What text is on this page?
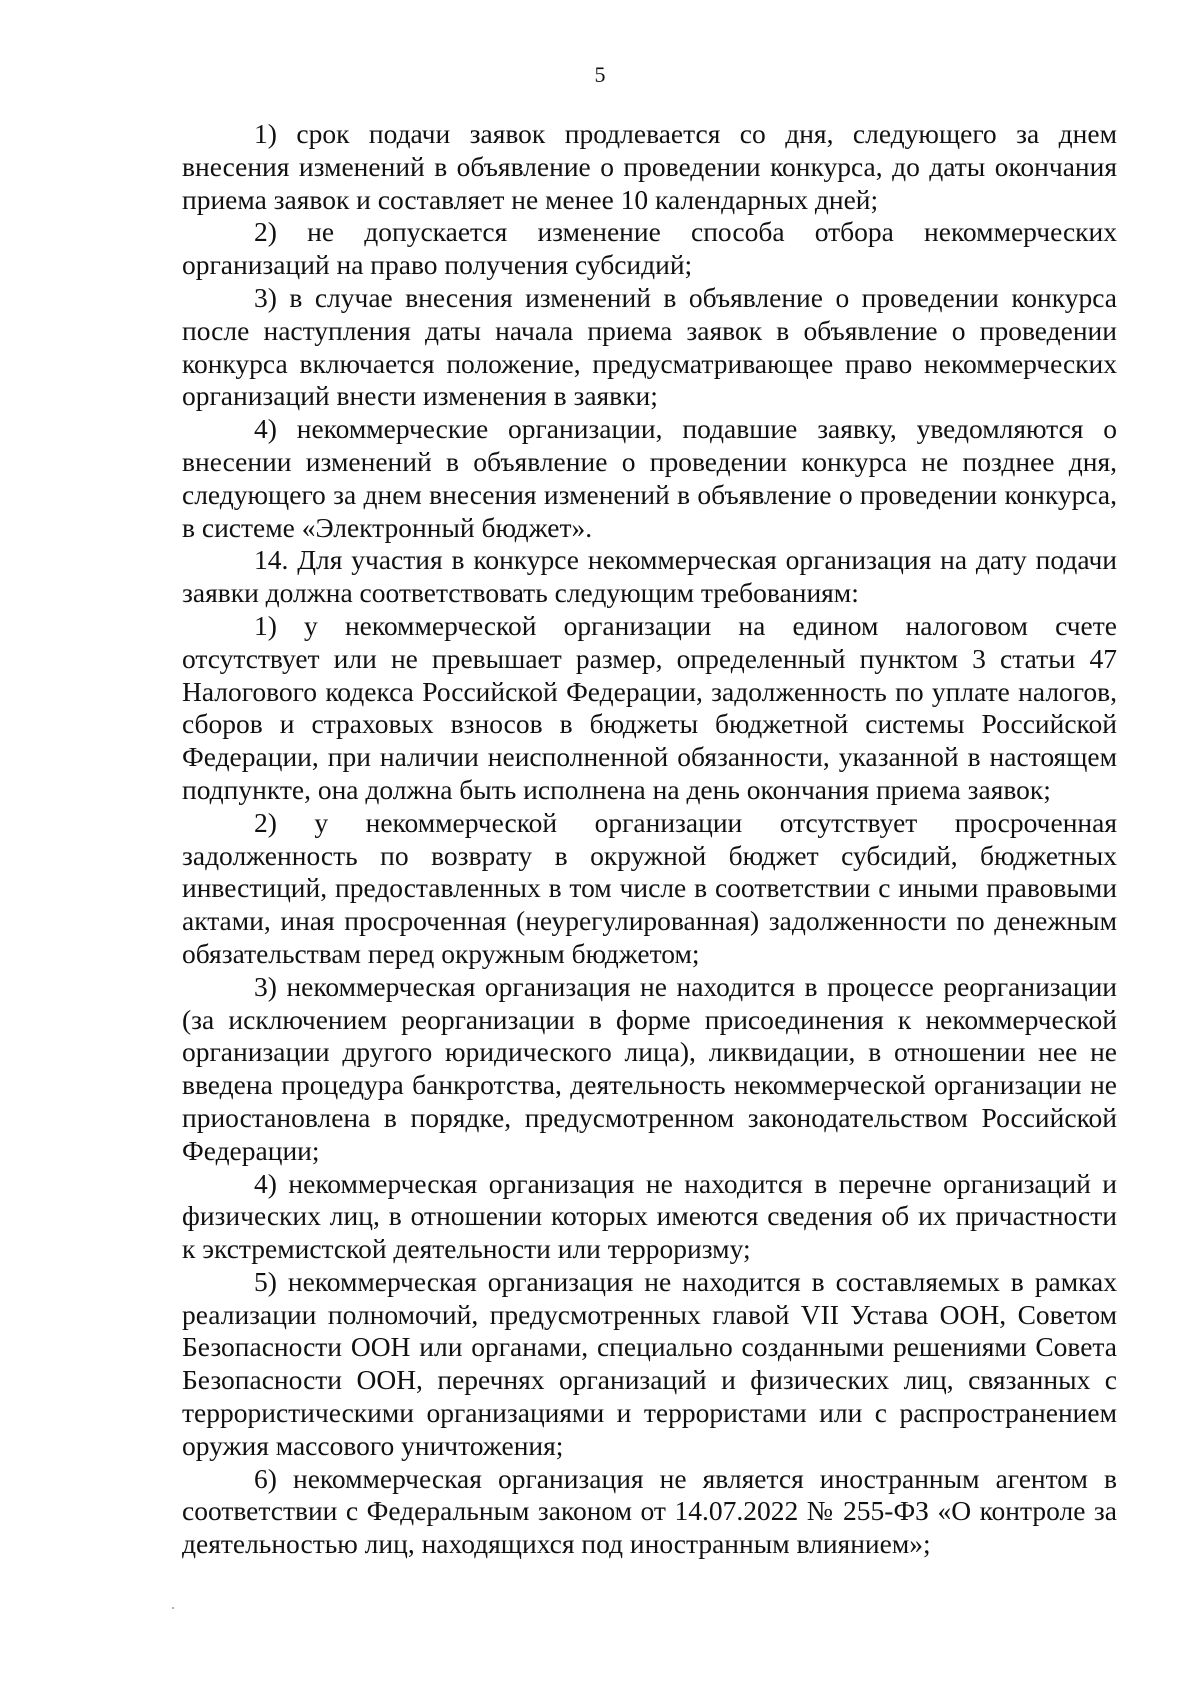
5

1) срок подачи заявок продлевается со дня, следующего за днем внесения изменений в объявление о проведении конкурса, до даты окончания приема заявок и составляет не менее 10 календарных дней;

2) не допускается изменение способа отбора некоммерческих организаций на право получения субсидий;

3) в случае внесения изменений в объявление о проведении конкурса после наступления даты начала приема заявок в объявление о проведении конкурса включается положение, предусматривающее право некоммерческих организаций внести изменения в заявки;

4) некоммерческие организации, подавшие заявку, уведомляются о внесении изменений в объявление о проведении конкурса не позднее дня, следующего за днем внесения изменений в объявление о проведении конкурса, в системе «Электронный бюджет».

14. Для участия в конкурсе некоммерческая организация на дату подачи заявки должна соответствовать следующим требованиям:

1) у некоммерческой организации на едином налоговом счете отсутствует или не превышает размер, определенный пунктом 3 статьи 47 Налогового кодекса Российской Федерации, задолженность по уплате налогов, сборов и страховых взносов в бюджеты бюджетной системы Российской Федерации, при наличии неисполненной обязанности, указанной в настоящем подпункте, она должна быть исполнена на день окончания приема заявок;

2) у некоммерческой организации отсутствует просроченная задолженность по возврату в окружной бюджет субсидий, бюджетных инвестиций, предоставленных в том числе в соответствии с иными правовыми актами, иная просроченная (неурегулированная) задолженности по денежным обязательствам перед окружным бюджетом;

3) некоммерческая организация не находится в процессе реорганизации (за исключением реорганизации в форме присоединения к некоммерческой организации другого юридического лица), ликвидации, в отношении нее не введена процедура банкротства, деятельность некоммерческой организации не приостановлена в порядке, предусмотренном законодательством Российской Федерации;

4) некоммерческая организация не находится в перечне организаций и физических лиц, в отношении которых имеются сведения об их причастности к экстремистской деятельности или терроризму;

5) некоммерческая организация не находится в составляемых в рамках реализации полномочий, предусмотренных главой VII Устава ООН, Советом Безопасности ООН или органами, специально созданными решениями Совета Безопасности ООН, перечнях организаций и физических лиц, связанных с террористическими организациями и террористами или с распространением оружия массового уничтожения;

6) некоммерческая организация не является иностранным агентом в соответствии с Федеральным законом от 14.07.2022 № 255-ФЗ «О контроле за деятельностью лиц, находящихся под иностранным влиянием»;
